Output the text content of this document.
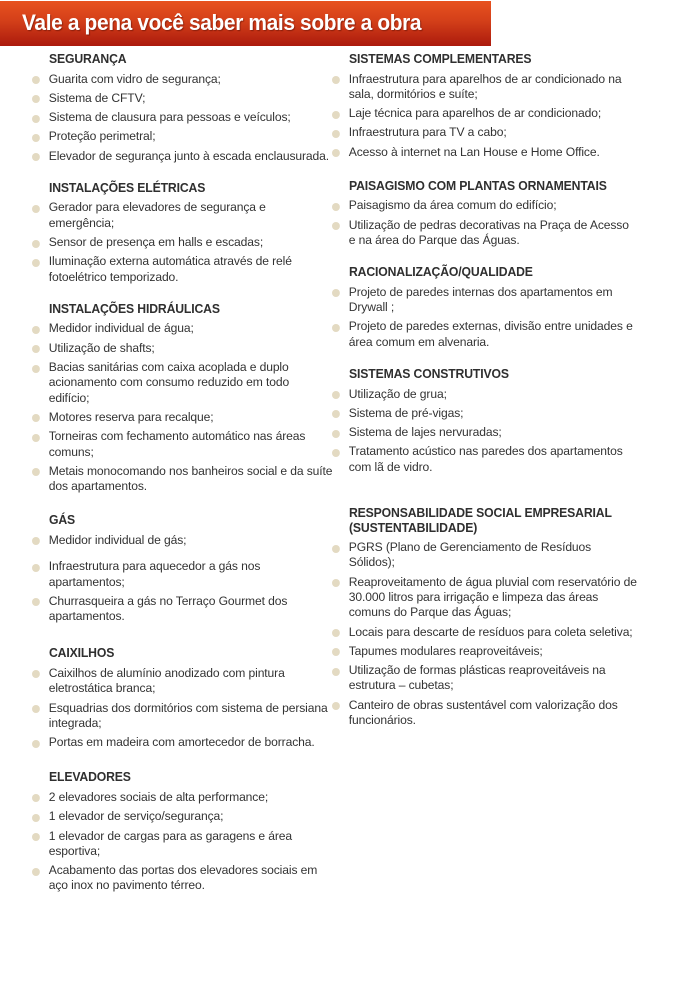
Vale a pena você saber mais sobre a obra
SEGURANÇA
Guarita com vidro de segurança;
Sistema de CFTV;
Sistema de clausura para pessoas e veículos;
Proteção perimetral;
Elevador de segurança junto à escada enclausurada.
INSTALAÇÕES ELÉTRICAS
Gerador para elevadores de segurança e emergência;
Sensor de presença em halls e escadas;
Iluminação externa automática através de relé fotoelétrico temporizado.
INSTALAÇÕES HIDRÁULICAS
Medidor individual de água;
Utilização de shafts;
Bacias sanitárias com caixa acoplada e duplo acionamento com consumo reduzido em todo edifício;
Motores reserva para recalque;
Torneiras com fechamento automático nas áreas comuns;
Metais monocomando nos banheiros social e da suíte dos apartamentos.
GÁS
Medidor individual de gás;
Infraestrutura para aquecedor a gás nos apartamentos;
Churrasqueira a gás no Terraço Gourmet dos apartamentos.
CAIXILHOS
Caixilhos de alumínio anodizado com pintura eletrostática branca;
Esquadrias dos dormitórios com sistema de persiana integrada;
Portas em madeira com amortecedor de borracha.
ELEVADORES
2 elevadores sociais de alta performance;
1 elevador de serviço/segurança;
1 elevador de cargas para as garagens e área esportiva;
Acabamento das portas dos elevadores sociais em aço inox no pavimento térreo.
SISTEMAS COMPLEMENTARES
Infraestrutura para aparelhos de ar condicionado na sala, dormitórios e suíte;
Laje técnica para aparelhos de ar condicionado;
Infraestrutura para TV a cabo;
Acesso à internet na Lan House e Home Office.
PAISAGISMO COM PLANTAS ORNAMENTAIS
Paisagismo da área comum do edifício;
Utilização de pedras decorativas na Praça de Acesso e na área do Parque das Águas.
RACIONALIZAÇÃO/QUALIDADE
Projeto de paredes internas dos apartamentos em Drywall ;
Projeto de paredes externas, divisão entre unidades e área comum em alvenaria.
SISTEMAS CONSTRUTIVOS
Utilização de grua;
Sistema de pré-vigas;
Sistema de lajes nervuradas;
Tratamento acústico nas paredes dos apartamentos com lã de vidro.
RESPONSABILIDADE SOCIAL EMPRESARIAL (SUSTENTABILIDADE)
PGRS (Plano de Gerenciamento de Resíduos Sólidos);
Reaproveitamento de água pluvial com reservatório de 30.000 litros para irrigação e limpeza das áreas comuns do Parque das Águas;
Locais para descarte de resíduos para coleta seletiva;
Tapumes modulares reaproveitáveis;
Utilização de formas plásticas reaproveitáveis na estrutura – cubetas;
Canteiro de obras sustentável com valorização dos funcionários.
